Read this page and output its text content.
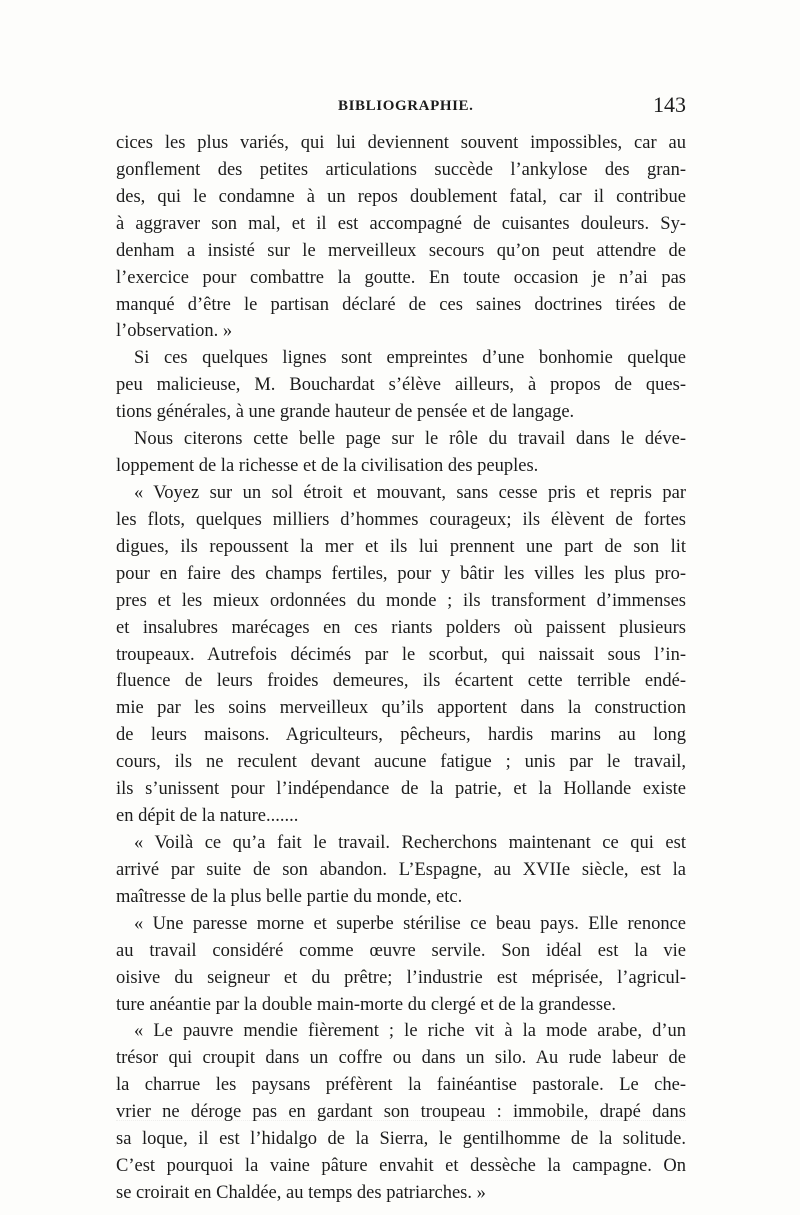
BIBLIOGRAPHIE.	143
cices les plus variés, qui lui deviennent souvent impossibles, car au
gonflement des petites articulations succède l’ankylose des gran-
des, qui le condamne à un repos doublement fatal, car il contribue
à aggraver son mal, et il est accompagné de cuisantes douleurs. Sy-
denham a insisté sur le merveilleux secours qu’on peut attendre de
l’exercice pour combattre la goutte. En toute occasion je n’ai pas
manqué d’être le partisan déclaré de ces saines doctrines tirées de
l’observation. »
Si ces quelques lignes sont empreintes d’une bonhomie quelque
peu malicieuse, M. Bouchardat s’élève ailleurs, à propos de ques-
tions générales, à une grande hauteur de pensée et de langage.
Nous citerons cette belle page sur le rôle du travail dans le déve-
loppement de la richesse et de la civilisation des peuples.
« Voyez sur un sol étroit et mouvant, sans cesse pris et repris par
les flots, quelques milliers d’hommes courageux; ils élèvent de fortes
digues, ils repoussent la mer et ils lui prennent une part de son lit
pour en faire des champs fertiles, pour y bâtir les villes les plus pro-
pres et les mieux ordonnées du monde ; ils transforment d’immenses
et insalubres marécages en ces riants polders où paissent plusieurs
troupeaux. Autrefois décimés par le scorbut, qui naissait sous l’in-
fluence de leurs froides demeures, ils écartent cette terrible endé-
mie par les soins merveilleux qu’ils apportent dans la construction
de leurs maisons. Agriculteurs, pêcheurs, hardis marins au long
cours, ils ne reculent devant aucune fatigue ; unis par le travail,
ils s’unissent pour l’indépendance de la patrie, et la Hollande existe
en dépit de la nature.......
« Voilà ce qu’a fait le travail. Recherchons maintenant ce qui est
arrivé par suite de son abandon. L’Espagne, au XVIIe siècle, est la
maîtresse de la plus belle partie du monde, etc.
« Une paresse morne et superbe stérilise ce beau pays. Elle renonce
au travail considéré comme œuvre servile. Son idéal est la vie
oisive du seigneur et du prêtre; l’industrie est méprisée, l’agricul-
ture anéantie par la double main-morte du clergé et de la grandesse.
« Le pauvre mendie fièrement ; le riche vit à la mode arabe, d’un
trésor qui croupit dans un coffre ou dans un silo. Au rude labeur de
la charrue les paysans préfèrent la fainéantise pastorale. Le che-
vrier ne déroge pas en gardant son troupeau : immobile, drapé dans
sa loque, il est l’hidalgo de la Sierra, le gentilhomme de la solitude.
C’est pourquoi la vaine pâture envahit et dessèche la campagne. On
se croirait en Chaldée, au temps des patriarches. »
